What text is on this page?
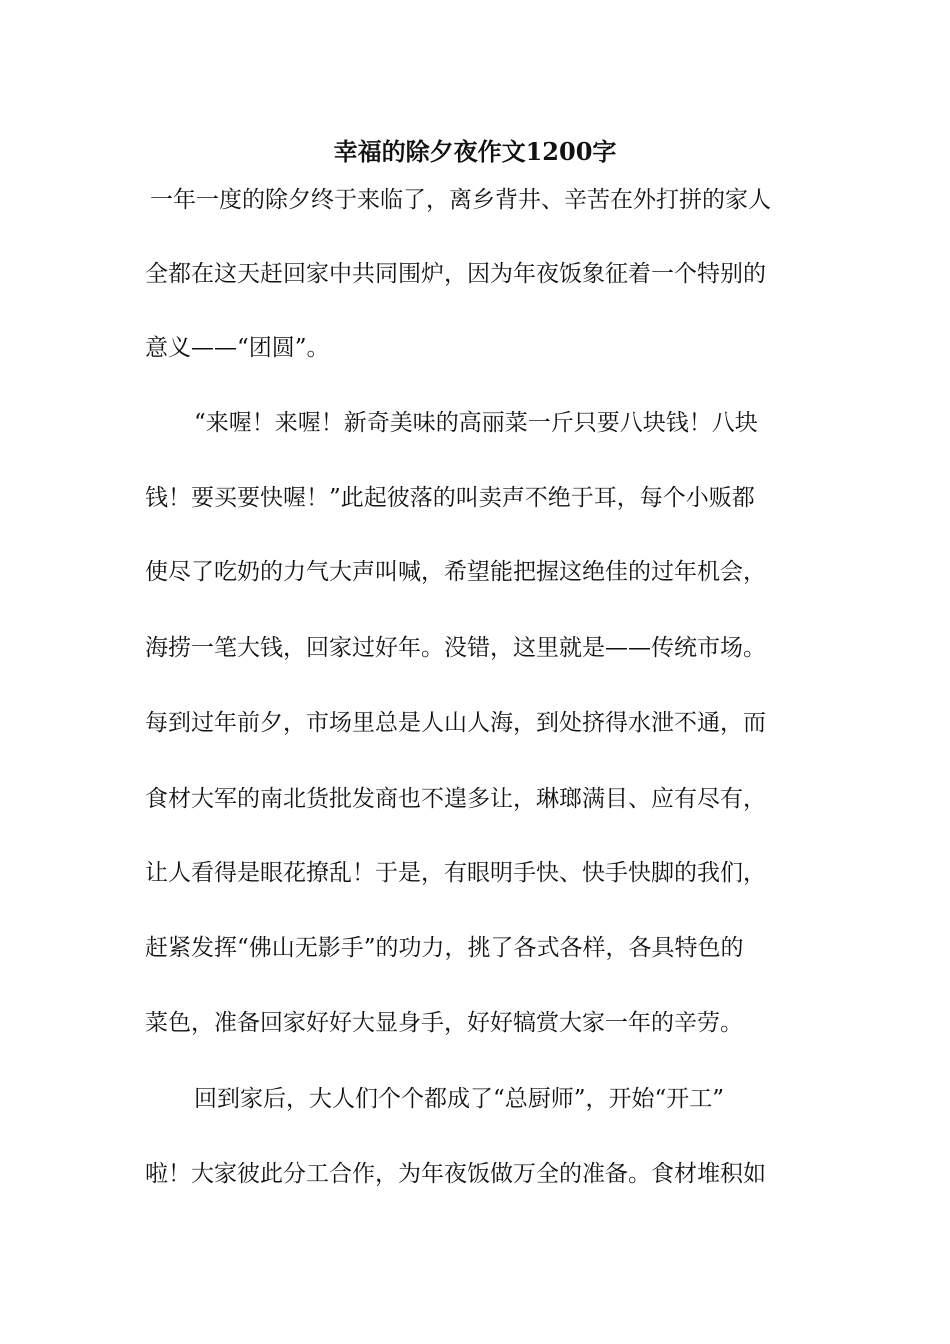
幸福的除夕夜作文1200字
一年一度的除夕终于来临了，离乡背井、辛苦在外打拼的家人
全都在这天赶回家中共同围炉，因为年夜饭象征着一个特别的
意义——“团圆”。
“来喔！来喔！新奇美味的高丽菜一斤只要八块钱！八块
钱！要买要快喔！”此起彼落的叫卖声不绝于耳，每个小贩都
使尽了吃奶的力气大声叫喊，希望能把握这绝佳的过年机会，
海捞一笔大钱，回家过好年。没错，这里就是——传统市场。
每到过年前夕，市场里总是人山人海，到处挤得水泄不通，而
食材大军的南北货批发商也不遑多让，琳瑯满目、应有尽有，
让人看得是眼花撩乱！于是，有眼明手快、快手快脚的我们，
赶紧发挥“佛山无影手”的功力，挑了各式各样，各具特色的
菜色，准备回家好好大显身手，好好犒赏大家一年的辛劳。
回到家后，大人们个个都成了“总厨师”，开始“开工”
啦！大家彼此分工合作，为年夜饭做万全的准备。食材堆积如
